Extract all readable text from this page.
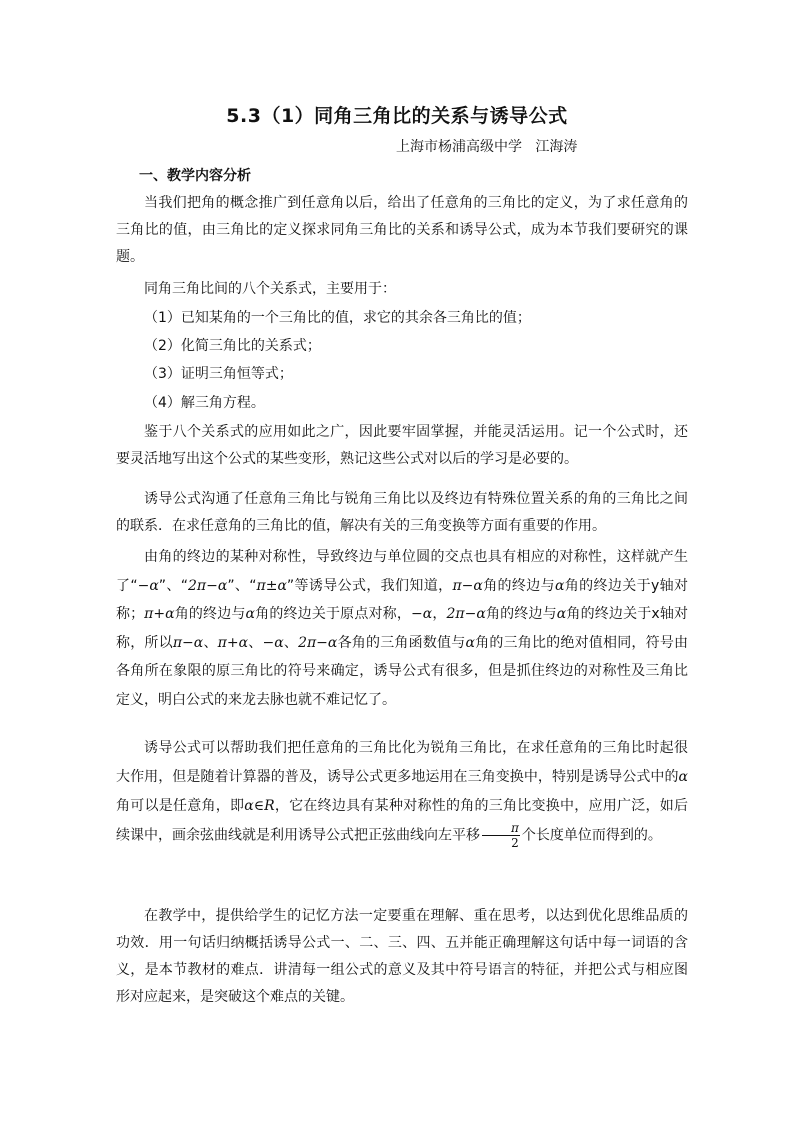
5.3（1）同角三角比的关系与诱导公式
上海市杨浦高级中学   江海涛
一、教学内容分析

当我们把角的概念推广到任意角以后，给出了任意角的三角比的定义，为了求任意角的三角比的值，由三角比的定义探求同角三角比的关系和诱导公式，成为本节我们要研究的课题。

同角三角比间的八个关系式，主要用于：
（1）已知某角的一个三角比的值，求它的其余各三角比的值；
（2）化简三角比的关系式；
（3）证明三角恒等式；
（4）解三角方程。

鉴于八个关系式的应用如此之广，因此要牢固掌握，并能灵活运用。记一个公式时，还要灵活地写出这个公式的某些变形，熟记这些公式对以后的学习是必要的。

诱导公式沟通了任意角三角比与锐角三角比以及终边有特殊位置关系的角的三角比之间的联系．在求任意角的三角比的值，解决有关的三角变换等方面有重要的作用。

由角的终边的某种对称性，导致终边与单位圆的交点也具有相应的对称性，这样就产生了“−α”、“2π−α”、“π±α”等诱导公式，我们知道，π−α角的终边与α角的终边关于y轴对称；π+α角的终边与α角的终边关于原点对称，−α，2π−α角的终边与α角的终边关于x轴对称，所以π−α、π+α、−α、2π−α各角的三角函数值与α角的三角比的绝对值相同，符号由各角所在象限的原三角比的符号来确定，诱导公式有很多，但是抓住终边的对称性及三角比定义，明白公式的来龙去脉也就不难记忆了。

诱导公式可以帮助我们把任意角的三角比化为锐角三角比，在求任意角的三角比时起很大作用，但是随着计算器的普及，诱导公式更多地运用在三角变换中，特别是诱导公式中的α角可以是任意角，即α∈R，它在终边具有某种对称性的角的三角比变换中，应用广泛，如后续课中，画余弦曲线就是利用诱导公式把正弦曲线向左平移 $\frac{\pi}{2}$ 个长度单位而得到的。

在教学中，提供给学生的记忆方法一定要重在理解、重在思考，以达到优化思维品质的功效．用一句话归纳概括诱导公式一、二、三、四、五并能正确理解这句话中每一词语的含义，是本节教材的难点．讲清每一组公式的意义及其中符号语言的特征，并把公式与相应图形对应起来，是突破这个难点的关键。
